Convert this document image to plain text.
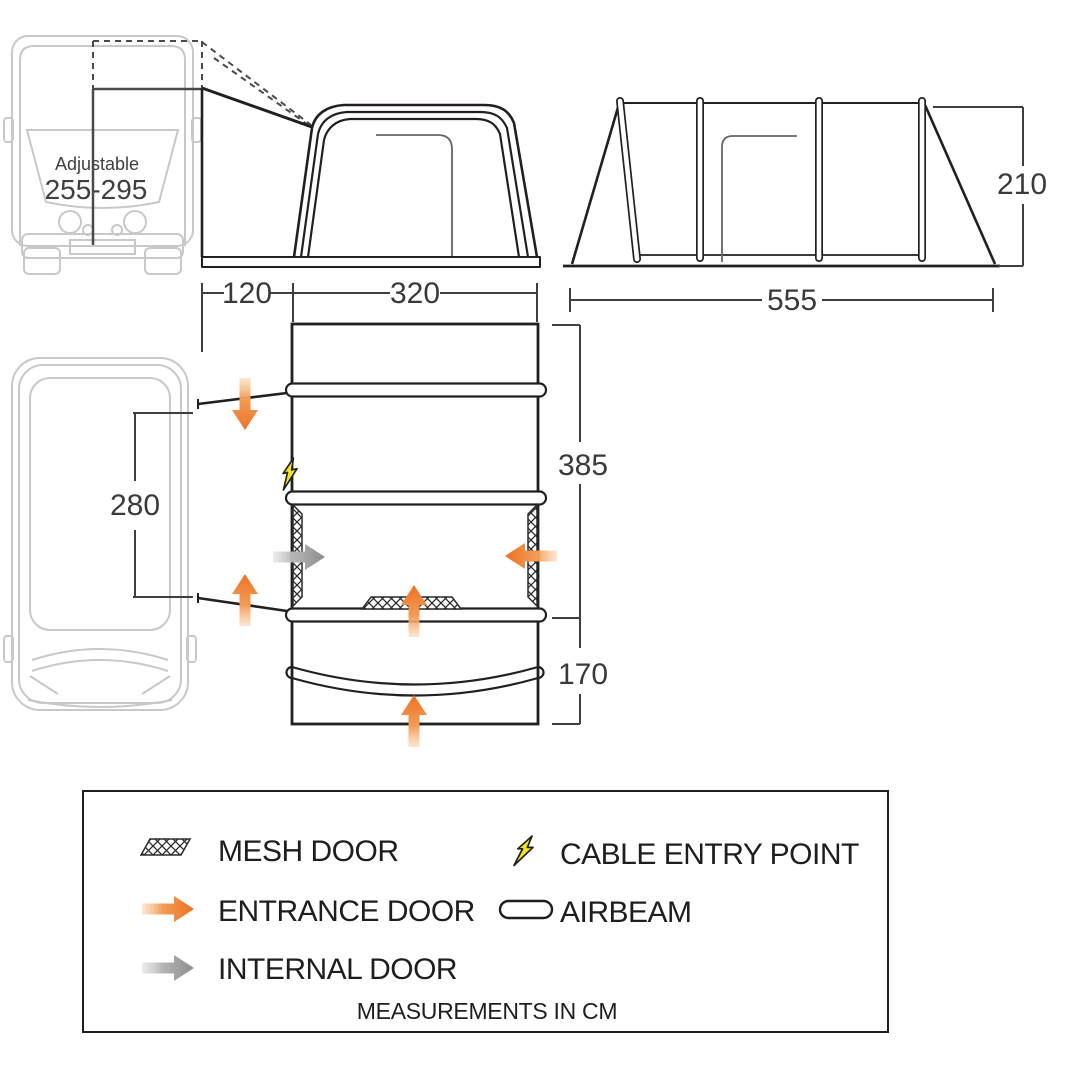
Adjustable
255-295
120	320	555
210
280
385
170
MESH DOOR	CABLE ENTRY POINT
ENTRANCE DOOR	AIRBEAM
INTERNAL DOOR
MEASUREMENTS IN CM
